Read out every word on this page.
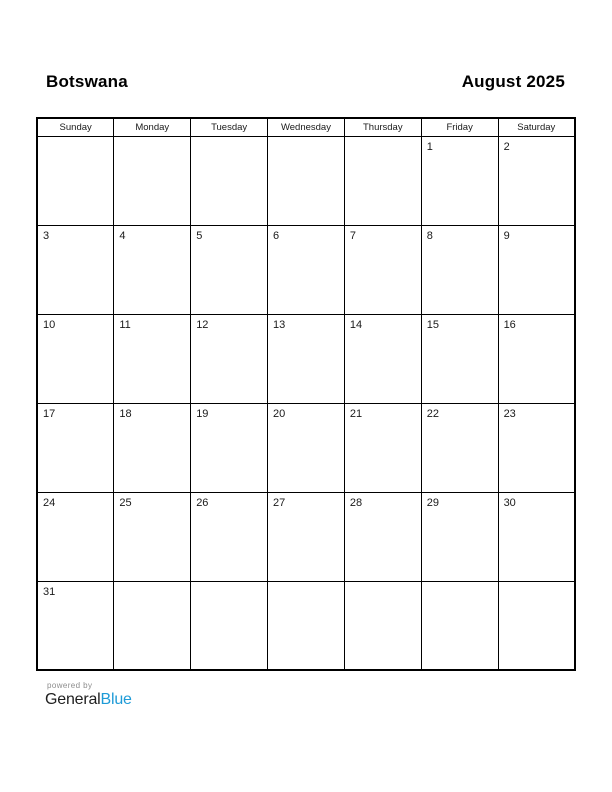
Botswana	August 2025
Sunday	Monday	Tuesday	Wednesday	Thursday	Friday	Saturday
					1	2
3	4	5	6	7	8	9
10	11	12	13	14	15	16
17	18	19	20	21	22	23
24	25	26	27	28	29	30
31						
powered by
GeneralBlue
